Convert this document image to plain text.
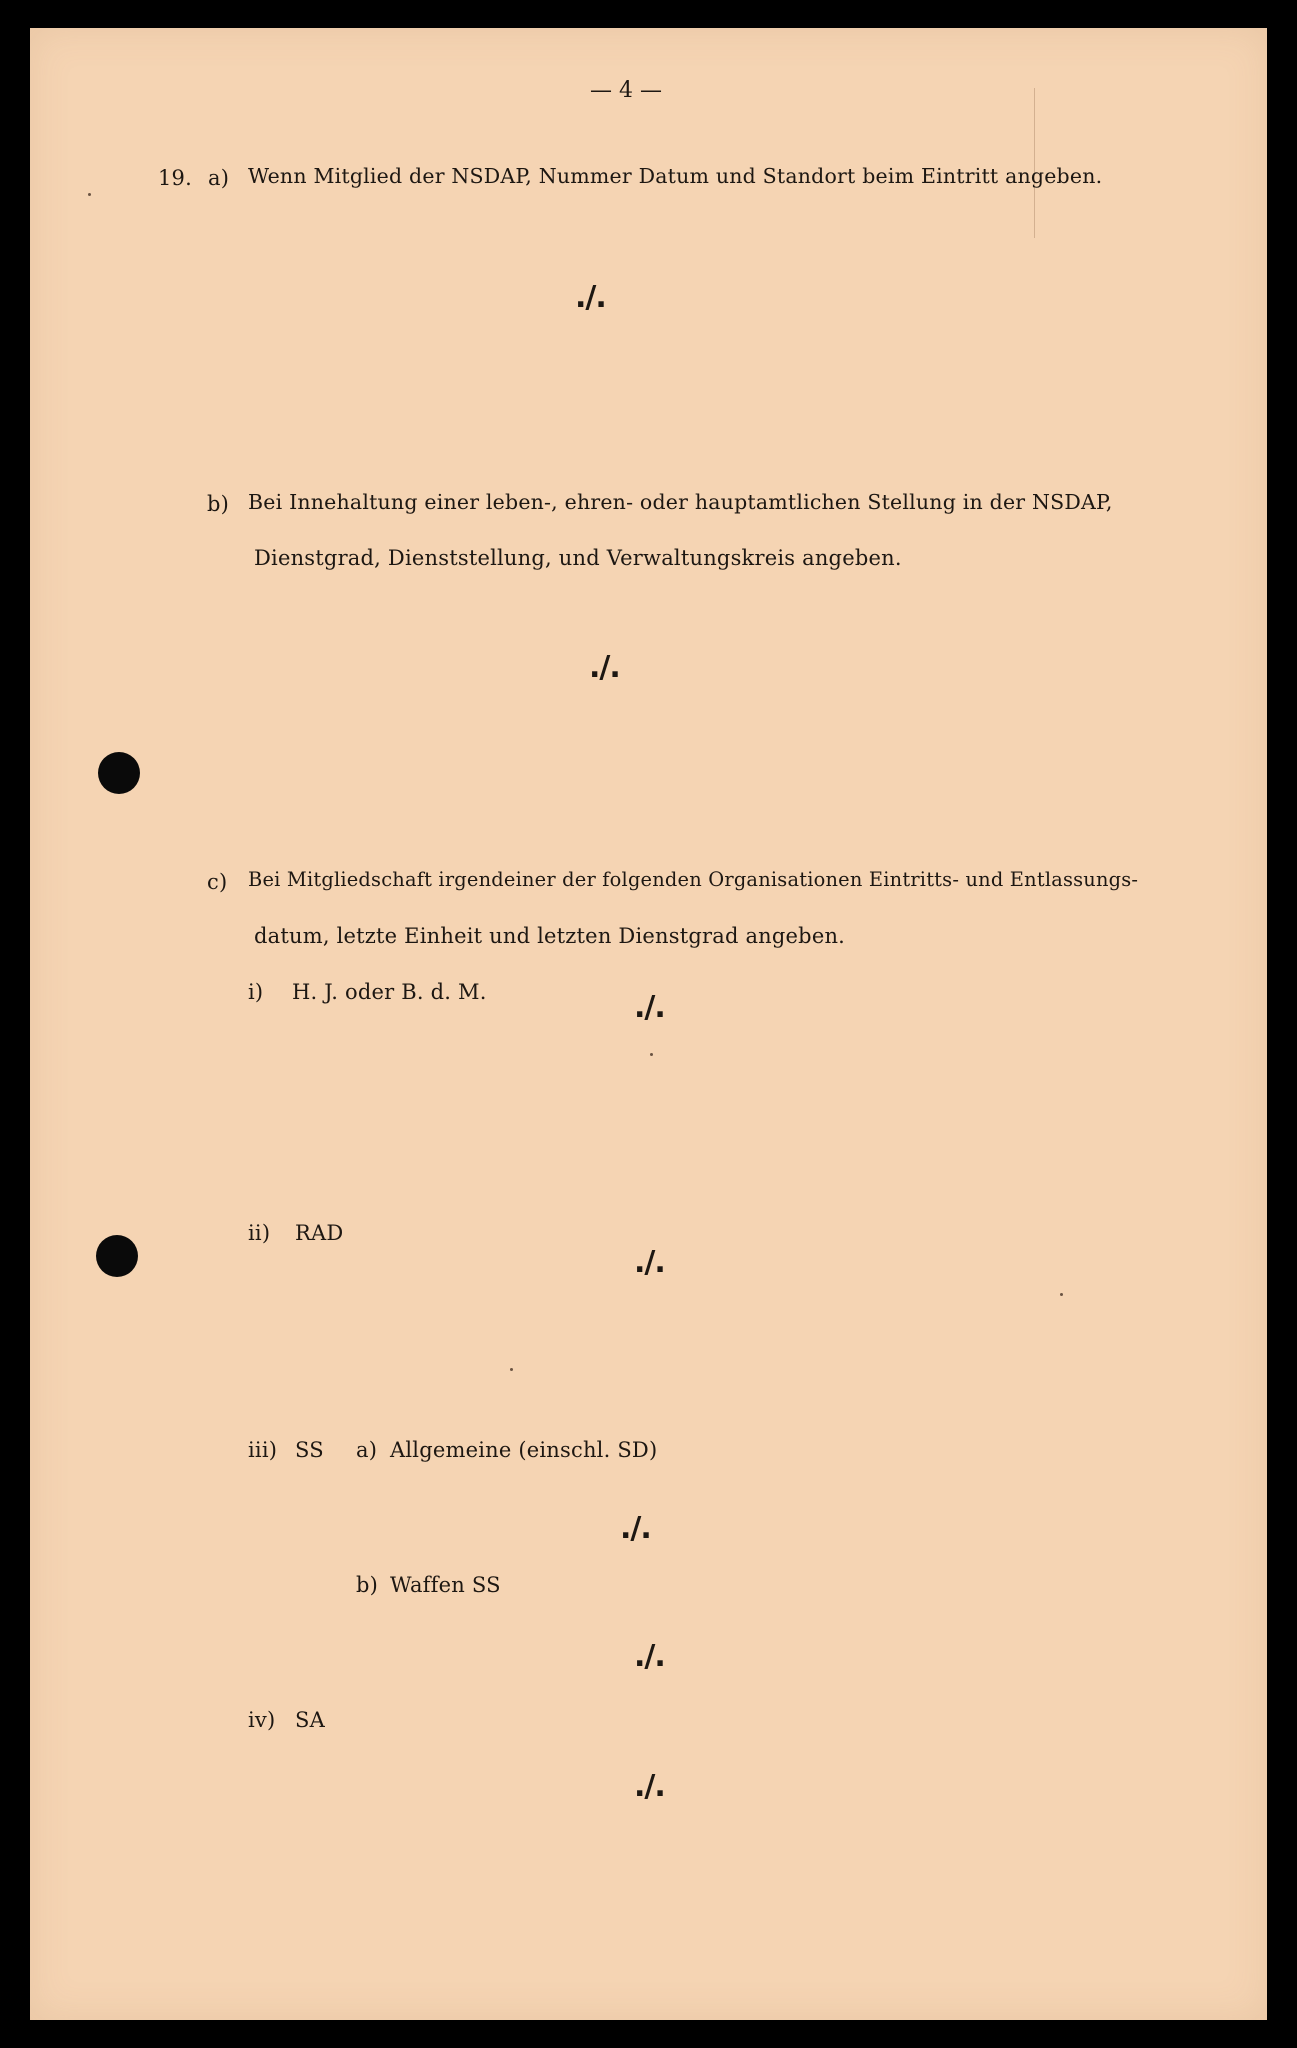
— 4 —
19. a) Wenn Mitglied der NSDAP, Nummer Datum und Standort beim Eintritt angeben.
./.
b) Bei Innehaltung einer leben-, ehren- oder hauptamtlichen Stellung in der NSDAP,
Dienstgrad, Dienststellung, und Verwaltungskreis angeben.
./.
c) Bei Mitgliedschaft irgendeiner der folgenden Organisationen Eintritts- und Entlassungs-
datum, letzte Einheit und letzten Dienstgrad angeben.
i) H. J. oder B. d. M.	./.
ii) RAD
./.
iii) SS a) Allgemeine (einschl. SD)
./.
b) Waffen SS
./.
iv) SA
./.
